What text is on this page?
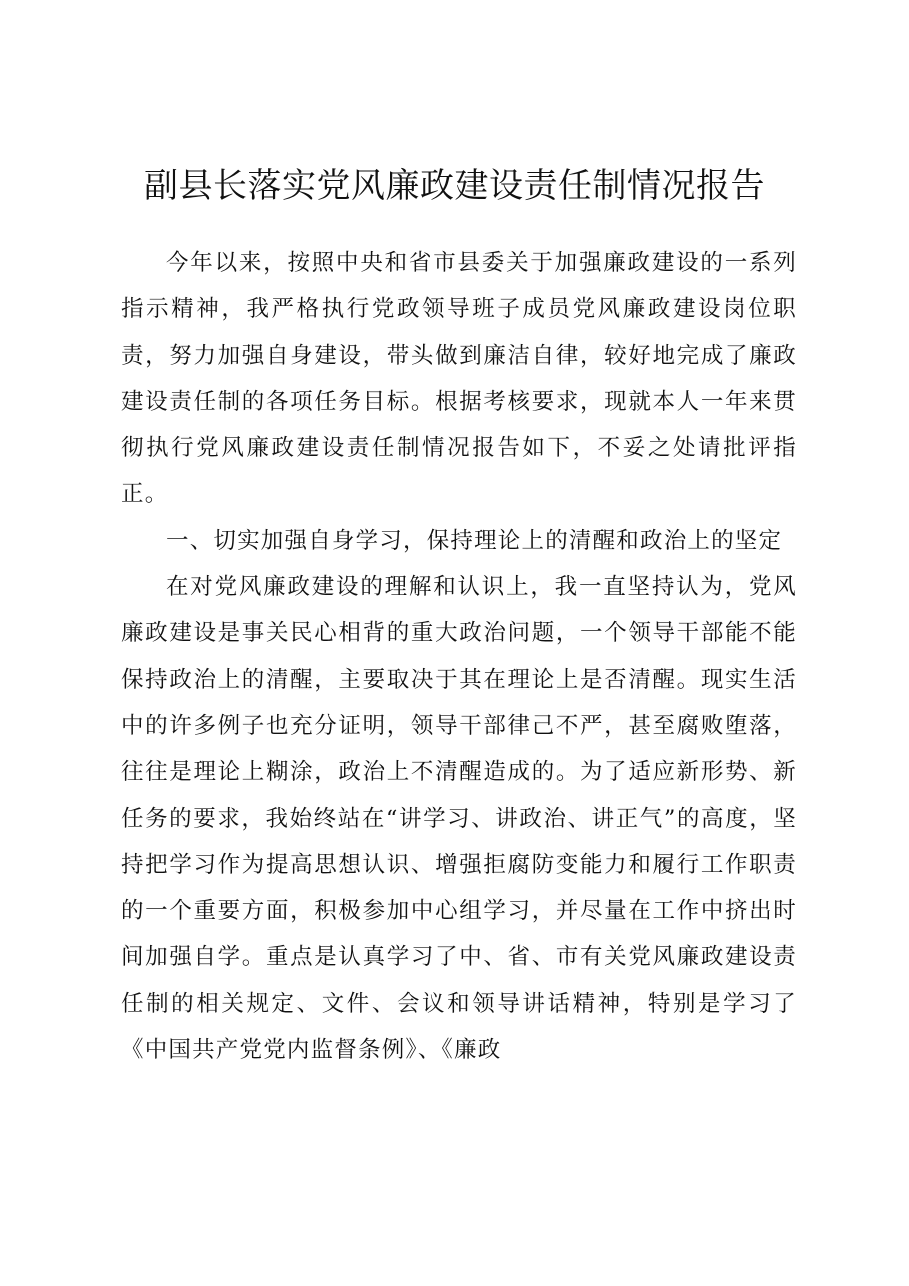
副县长落实党风廉政建设责任制情况报告

今年以来，按照中央和省市县委关于加强廉政建设的一系列指示精神，我严格执行党政领导班子成员党风廉政建设岗位职责，努力加强自身建设，带头做到廉洁自律，较好地完成了廉政建设责任制的各项任务目标。根据考核要求，现就本人一年来贯彻执行党风廉政建设责任制情况报告如下，不妥之处请批评指正。

一、切实加强自身学习，保持理论上的清醒和政治上的坚定

在对党风廉政建设的理解和认识上，我一直坚持认为，党风廉政建设是事关民心相背的重大政治问题，一个领导干部能不能保持政治上的清醒，主要取决于其在理论上是否清醒。现实生活中的许多例子也充分证明，领导干部律己不严，甚至腐败堕落，往往是理论上糊涂，政治上不清醒造成的。为了适应新形势、新任务的要求，我始终站在“讲学习、讲政治、讲正气”的高度，坚持把学习作为提高思想认识、增强拒腐防变能力和履行工作职责的一个重要方面，积极参加中心组学习，并尽量在工作中挤出时间加强自学。重点是认真学习了中、省、市有关党风廉政建设责任制的相关规定、文件、会议和领导讲话精神，特别是学习了《中国共产党党内监督条例》、《廉政
